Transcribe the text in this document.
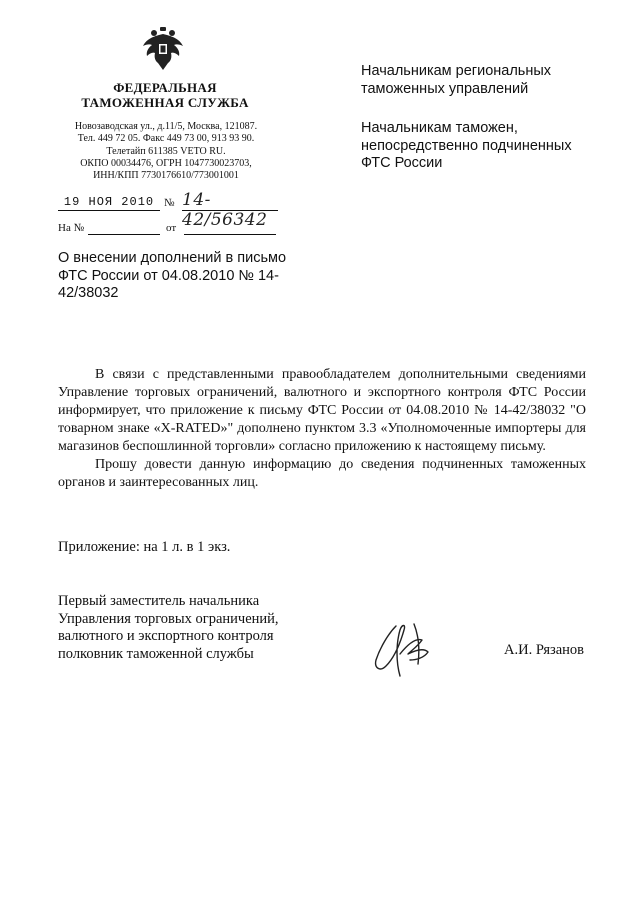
ФЕДЕРАЛЬНАЯ ТАМОЖЕННАЯ СЛУЖБА
Новозаводская ул., д.11/5, Москва, 121087.
Тел. 449 72 05. Факс 449 73 00, 913 93 90.
Телетайп 611385 VETO RU.
ОКПО 00034476, ОГРН 1047730023703,
ИНН/КПП 7730176610/773001001
19 НОЯ 2010 № 14-42/56342
На №	от
Начальникам региональных таможенных управлений
Начальникам таможен, непосредственно подчиненных ФТС России
О внесении дополнений в письмо ФТС России от 04.08.2010 № 14-42/38032

В связи с представленными правообладателем дополнительными сведениями Управление торговых ограничений, валютного и экспортного контроля ФТС России информирует, что приложение к письму ФТС России от 04.08.2010 № 14-42/38032 "О товарном знаке «X-RATED»" дополнено пунктом 3.3 «Уполномоченные импортеры для магазинов беспошлинной торговли» согласно приложению к настоящему письму.

Прошу довести данную информацию до сведения подчиненных таможенных органов и заинтересованных лиц.

Приложение: на 1 л. в 1 экз.
Первый заместитель начальника
Управления торговых ограничений,
валютного и экспортного контроля
полковник таможенной службы	А.И. Рязанов
